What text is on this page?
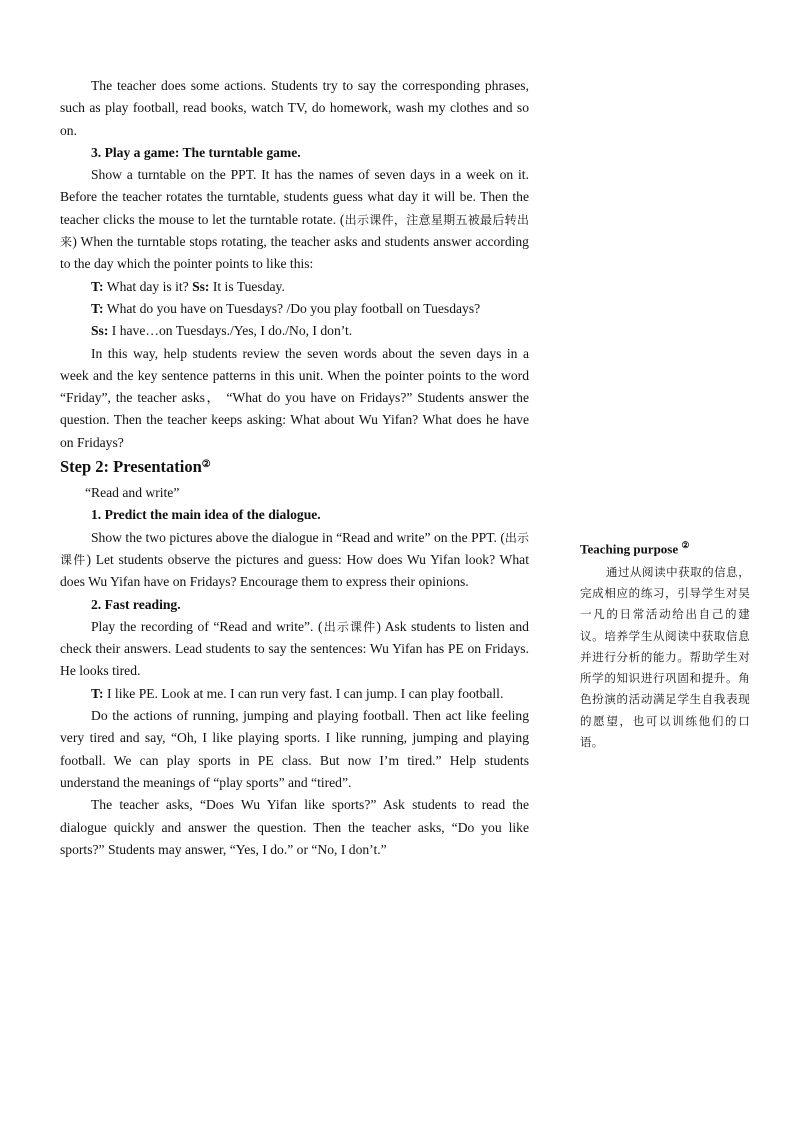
The teacher does some actions. Students try to say the corresponding phrases, such as play football, read books, watch TV, do homework, wash my clothes and so on.

3. Play a game: The turntable game.

Show a turntable on the PPT. It has the names of seven days in a week on it. Before the teacher rotates the turntable, students guess what day it will be. Then the teacher clicks the mouse to let the turntable rotate. (出示课件，注意星期五被最后转出来) When the turntable stops rotating, the teacher asks and students answer according to the day which the pointer points to like this:

T: What day is it? Ss: It is Tuesday.

T: What do you have on Tuesdays? /Do you play football on Tuesdays?

Ss: I have…on Tuesdays./Yes, I do./No, I don’t.

In this way, help students review the seven words about the seven days in a week and the key sentence patterns in this unit. When the pointer points to the word “Friday”, the teacher asks， “What do you have on Fridays?” Students answer the question. Then the teacher keeps asking: What about Wu Yifan? What does he have on Fridays?

Step 2: Presentation②

“Read and write”

1. Predict the main idea of the dialogue.

Show the two pictures above the dialogue in “Read and write” on the PPT. (出示课件) Let students observe the pictures and guess: How does Wu Yifan look? What does Wu Yifan have on Fridays? Encourage them to express their opinions.

2. Fast reading.

Play the recording of “Read and write”. (出示课件) Ask students to listen and check their answers. Lead students to say the sentences: Wu Yifan has PE on Fridays. He looks tired.

T: I like PE. Look at me. I can run very fast. I can jump. I can play football.

Do the actions of running, jumping and playing football. Then act like feeling very tired and say, “Oh, I like playing sports. I like running, jumping and playing football. We can play sports in PE class. But now I’m tired.” Help students understand the meanings of “play sports” and “tired”.

The teacher asks, “Does Wu Yifan like sports?” Ask students to read the dialogue quickly and answer the question. Then the teacher asks, “Do you like sports?” Students may answer, “Yes, I do.” or “No, I don’t.”

Teaching purpose ②

通过从阅读中获取的信息，完成相应的练习，引导学生对吴一凡的日常活动给出自己的建议。培养学生从阅读中获取信息并进行分析的能力。帮助学生对所学的知识进行巩固和提升。角色扮演的活动满足学生自我表现的愿望，也可以训练他们的口语。
